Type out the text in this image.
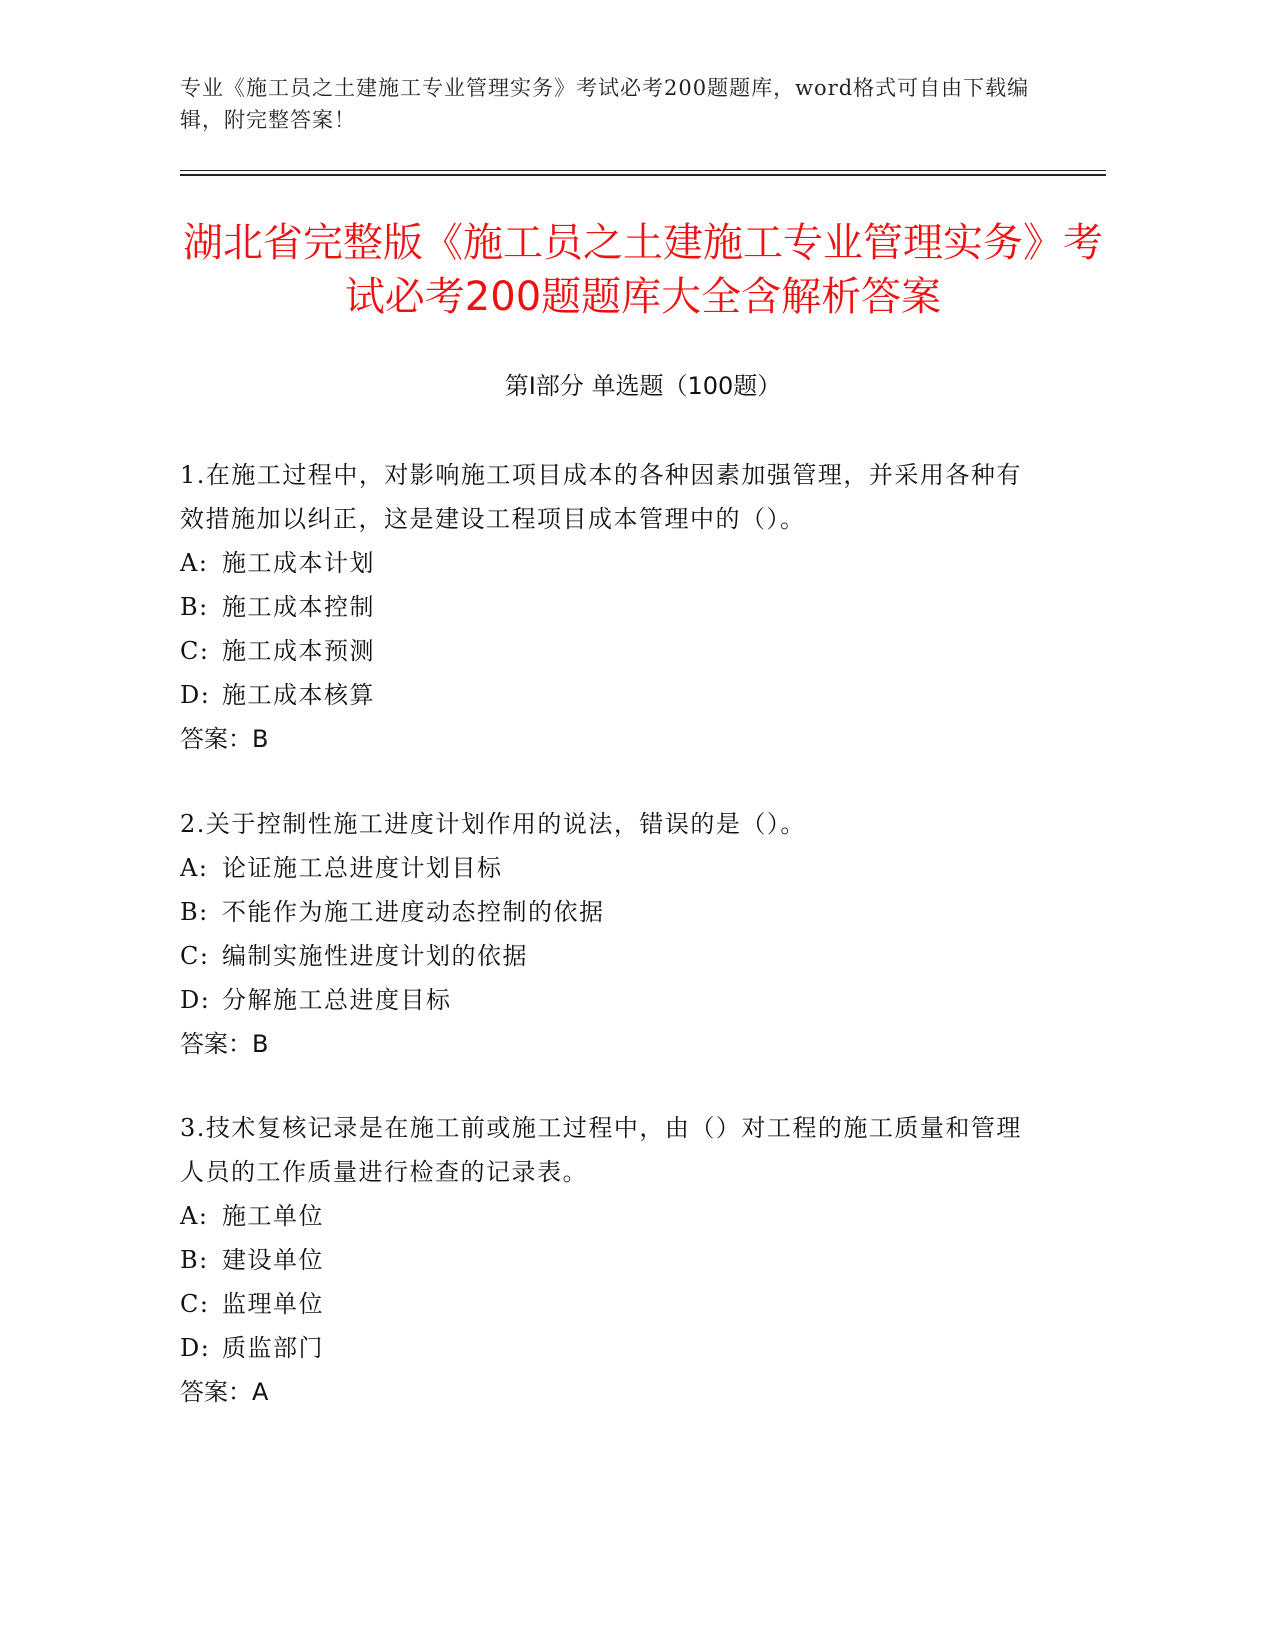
专业《施工员之土建施工专业管理实务》考试必考200题题库，word格式可自由下载编辑，附完整答案！
湖北省完整版《施工员之土建施工专业管理实务》考试必考200题题库大全含解析答案
第I部分 单选题（100题）

1.在施工过程中，对影响施工项目成本的各种因素加强管理，并采用各种有效措施加以纠正，这是建设工程项目成本管理中的（）。

A: 施工成本计划

B: 施工成本控制

C: 施工成本预测

D: 施工成本核算

答案：B

2.关于控制性施工进度计划作用的说法，错误的是（）。

A: 论证施工总进度计划目标

B: 不能作为施工进度动态控制的依据

C: 编制实施性进度计划的依据

D: 分解施工总进度目标

答案：B

3.技术复核记录是在施工前或施工过程中，由（）对工程的施工质量和管理人员的工作质量进行检查的记录表。

A: 施工单位

B: 建设单位

C: 监理单位

D: 质监部门

答案：A
